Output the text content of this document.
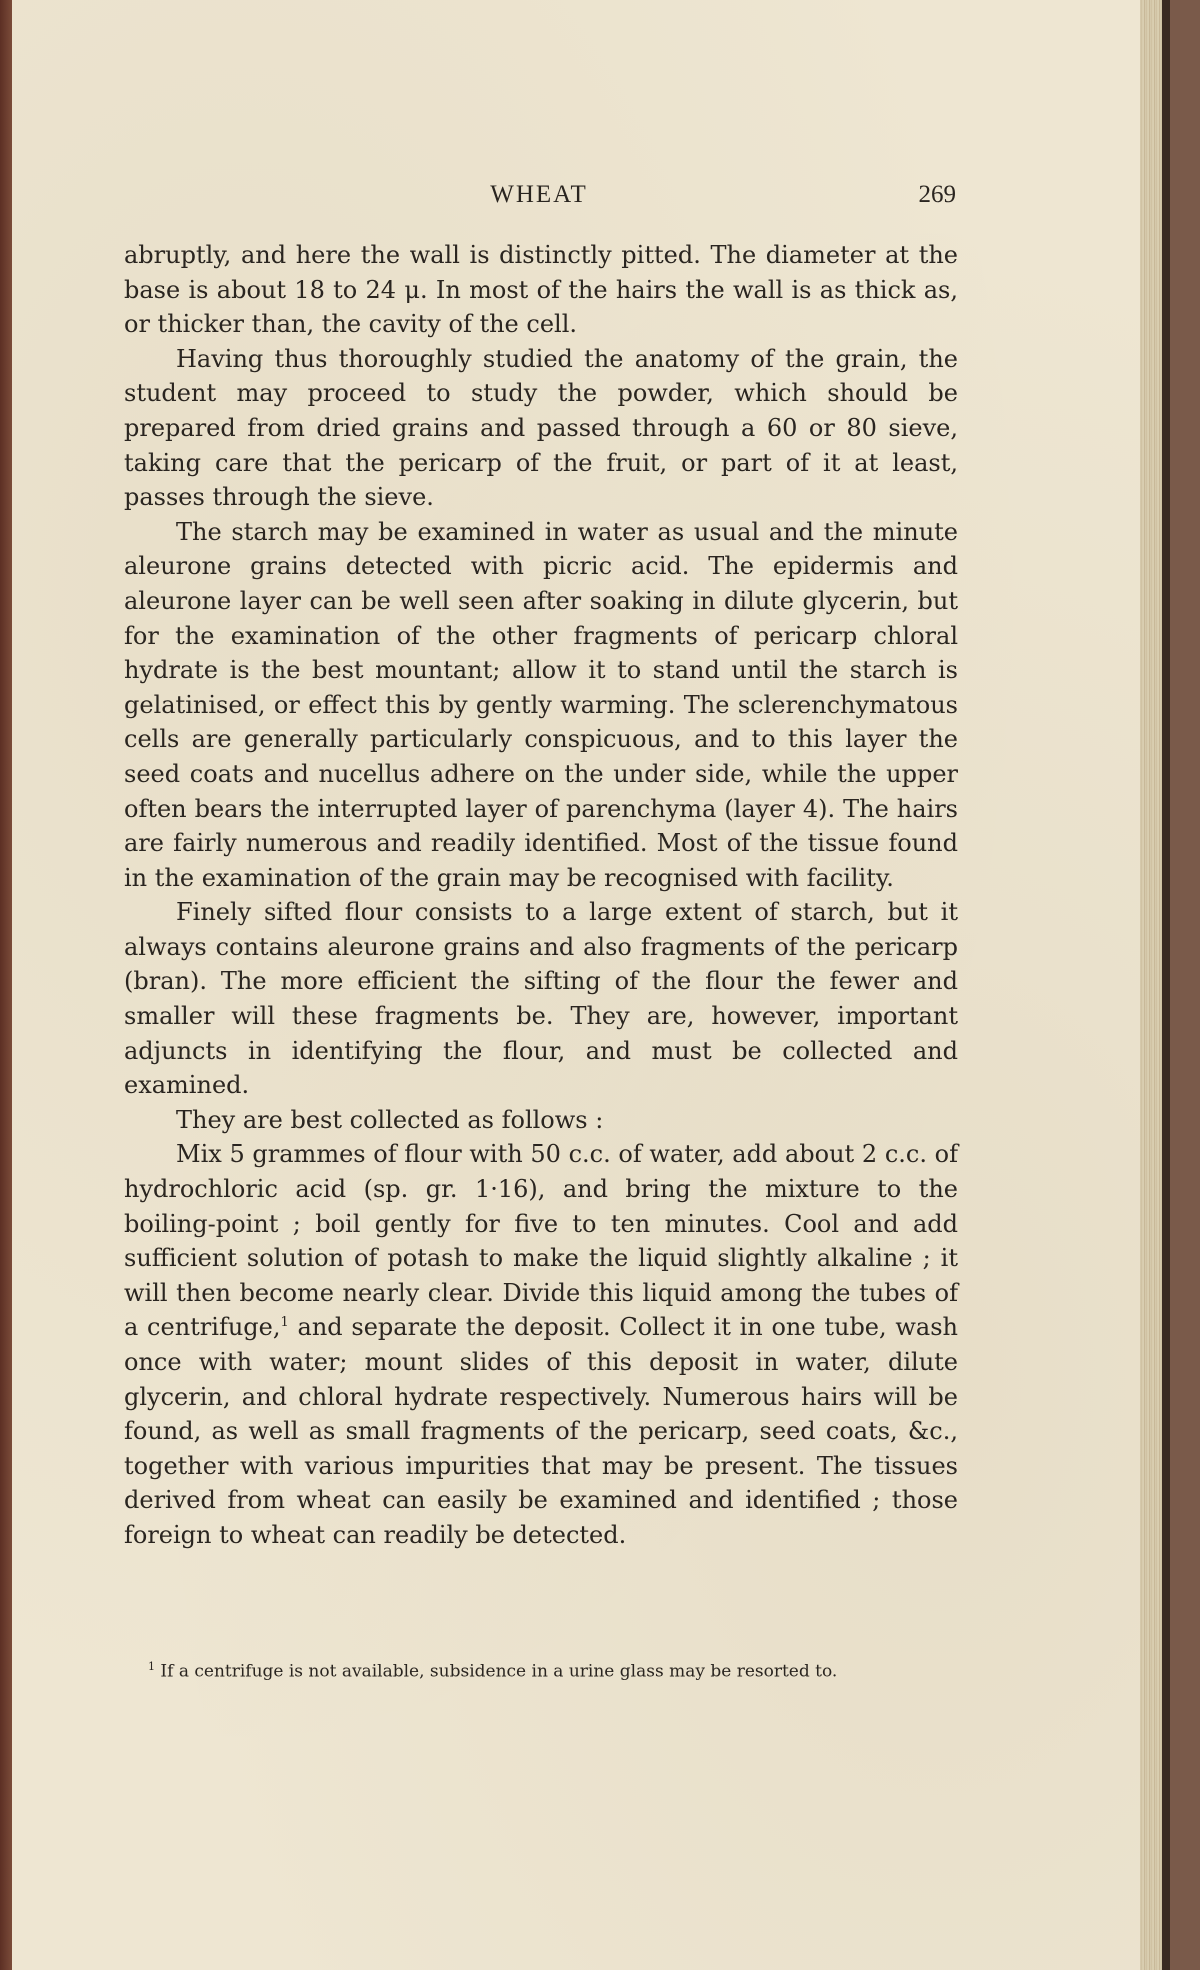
WHEAT	269

abruptly, and here the wall is distinctly pitted. The diameter at the base is about 18 to 24 μ. In most of the hairs the wall is as thick as, or thicker than, the cavity of the cell.

Having thus thoroughly studied the anatomy of the grain, the student may proceed to study the powder, which should be prepared from dried grains and passed through a 60 or 80 sieve, taking care that the pericarp of the fruit, or part of it at least, passes through the sieve.

The starch may be examined in water as usual and the minute aleurone grains detected with picric acid. The epidermis and aleurone layer can be well seen after soaking in dilute glycerin, but for the examination of the other fragments of pericarp chloral hydrate is the best mountant; allow it to stand until the starch is gelatinised, or effect this by gently warming. The sclerenchymatous cells are generally particularly conspicuous, and to this layer the seed coats and nucellus adhere on the under side, while the upper often bears the interrupted layer of parenchyma (layer 4). The hairs are fairly numerous and readily identified. Most of the tissue found in the examination of the grain may be recognised with facility.

Finely sifted flour consists to a large extent of starch, but it always contains aleurone grains and also fragments of the pericarp (bran). The more efficient the sifting of the flour the fewer and smaller will these fragments be. They are, however, important adjuncts in identifying the flour, and must be collected and examined.

They are best collected as follows :

Mix 5 grammes of flour with 50 c.c. of water, add about 2 c.c. of hydrochloric acid (sp. gr. 1·16), and bring the mixture to the boiling-point ; boil gently for five to ten minutes. Cool and add sufficient solution of potash to make the liquid slightly alkaline ; it will then become nearly clear. Divide this liquid among the tubes of a centrifuge,$^1$ and separate the deposit. Collect it in one tube, wash once with water; mount slides of this deposit in water, dilute glycerin, and chloral hydrate respectively. Numerous hairs will be found, as well as small fragments of the pericarp, seed coats, &c., together with various impurities that may be present. The tissues derived from wheat can easily be examined and identified ; those foreign to wheat can readily be detected.

$^1$ If a centrifuge is not available, subsidence in a urine glass may be resorted to.
